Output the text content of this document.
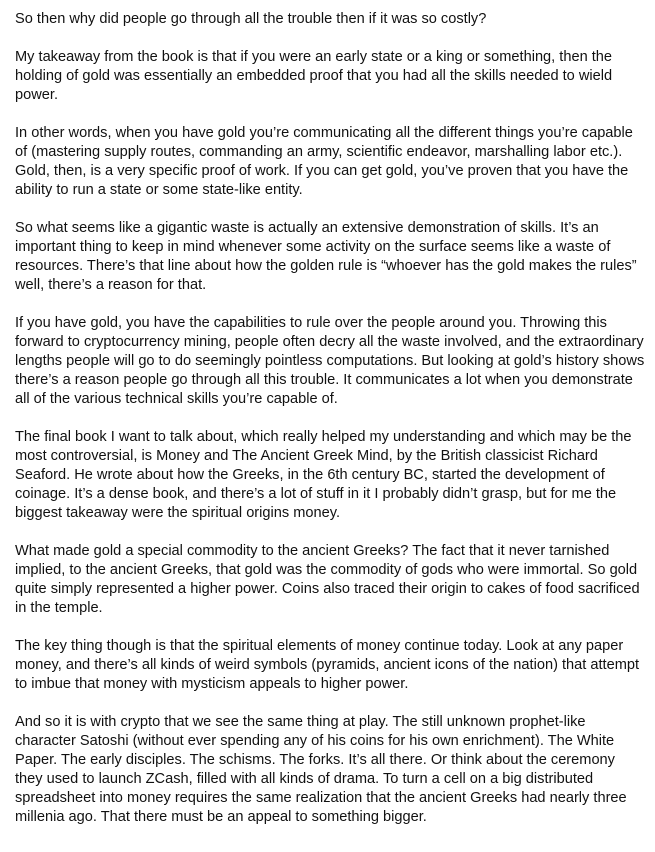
So then why did people go through all the trouble then if it was so costly?

My takeaway from the book is that if you were an early state or a king or something, then the holding of gold was essentially an embedded proof that you had all the skills needed to wield power.

In other words, when you have gold you’re communicating all the different things you’re capable of (mastering supply routes, commanding an army, scientific endeavor, marshalling labor etc.). Gold, then, is a very specific proof of work. If you can get gold, you’ve proven that you have the ability to run a state or some state-like entity.

So what seems like a gigantic waste is actually an extensive demonstration of skills. It’s an important thing to keep in mind whenever some activity on the surface seems like a waste of resources. There’s that line about how the golden rule is “whoever has the gold makes the rules” well, there’s a reason for that.

If you have gold, you have the capabilities to rule over the people around you. Throwing this forward to cryptocurrency mining, people often decry all the waste involved, and the extraordinary lengths people will go to do seemingly pointless computations. But looking at gold’s history shows there’s a reason people go through all this trouble. It communicates a lot when you demonstrate all of the various technical skills you’re capable of.

The final book I want to talk about, which really helped my understanding and which may be the most controversial, is Money and The Ancient Greek Mind, by the British classicist Richard Seaford. He wrote about how the Greeks, in the 6th century BC, started the development of coinage. It’s a dense book, and there’s a lot of stuff in it I probably didn’t grasp, but for me the biggest takeaway were the spiritual origins money.

What made gold a special commodity to the ancient Greeks? The fact that it never tarnished implied, to the ancient Greeks, that gold was the commodity of gods who were immortal. So gold quite simply represented a higher power. Coins also traced their origin to cakes of food sacrificed in the temple.

The key thing though is that the spiritual elements of money continue today. Look at any paper money, and there’s all kinds of weird symbols (pyramids, ancient icons of the nation) that attempt to imbue that money with mysticism appeals to higher power.

And so it is with crypto that we see the same thing at play. The still unknown prophet-like character Satoshi (without ever spending any of his coins for his own enrichment). The White Paper. The early disciples. The schisms. The forks. It’s all there. Or think about the ceremony they used to launch ZCash, filled with all kinds of drama. To turn a cell on a big distributed spreadsheet into money requires the same realization that the ancient Greeks had nearly three millenia ago. That there must be an appeal to something bigger.
